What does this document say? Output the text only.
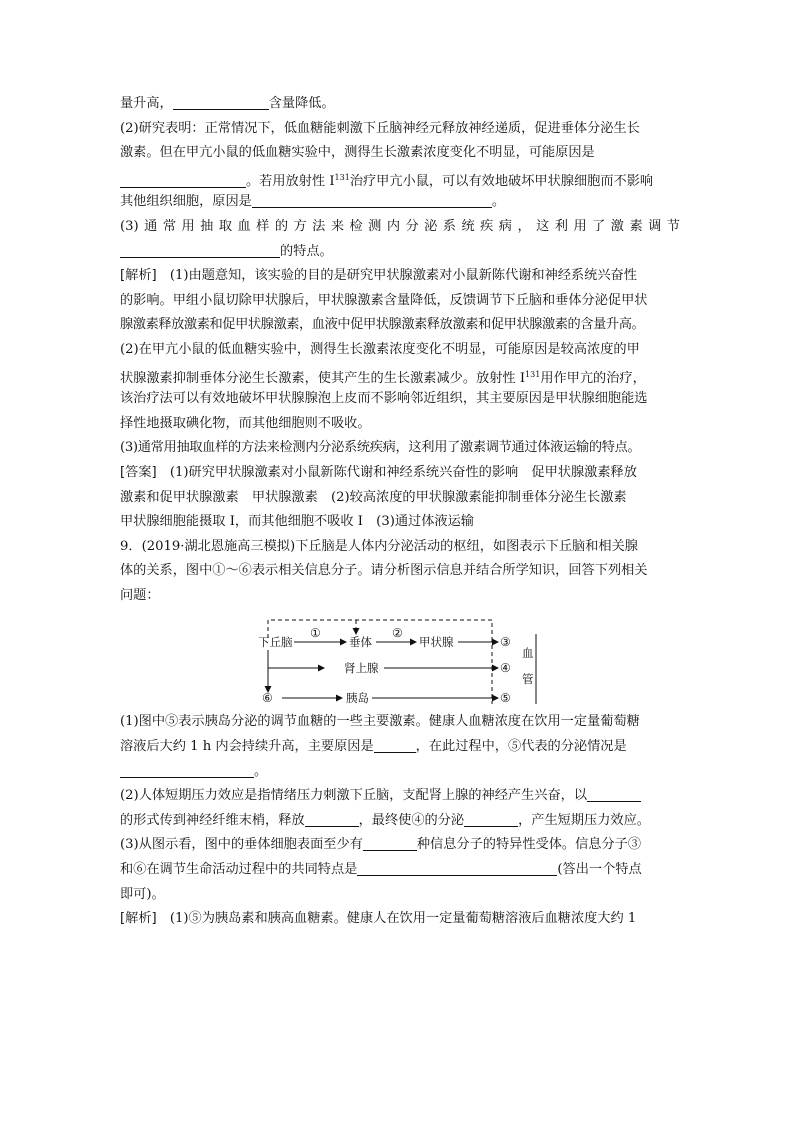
量升高，	含量降低。
(2)研究表明：正常情况下，低血糖能刺激下丘脑神经元释放神经递质，促进垂体分泌生长
激素。但在甲亢小鼠的低血糖实验中，测得生长激素浓度变化不明显，可能原因是
。若用放射性 $I^{131}$治疗甲亢小鼠，可以有效地破坏甲状腺细胞而不影响
其他组织细胞，原因是	。
(3)通常用抽取血样的方法来检测内分泌系统疾病，这利用了激素调节
的特点。
[解析]　 (1)由题意知，该实验的目的是研究甲状腺激素对小鼠新陈代谢和神经系统兴奋性
的影响。甲组小鼠切除甲状腺后，甲状腺激素含量降低，反馈调节下丘脑和垂体分泌促甲状
腺激素释放激素和促甲状腺激素，血液中促甲状腺激素释放激素和促甲状腺激素的含量升高。
(2)在甲亢小鼠的低血糖实验中，测得生长激素浓度变化不明显，可能原因是较高浓度的甲
状腺激素抑制垂体分泌生长激素，使其产生的生长激素减少。放射性 $I^{131}$用作甲亢的治疗，
该治疗法可以有效地破坏甲状腺腺泡上皮而不影响邻近组织，其主要原因是甲状腺细胞能选
择性地摄取碘化物，而其他细胞则不吸收。
(3)通常用抽取血样的方法来检测内分泌系统疾病，这利用了激素调节通过体液运输的特点。
[答案]　 (1)研究甲状腺激素对小鼠新陈代谢和神经系统兴奋性的影响　促甲状腺激素释放
激素和促甲状腺激素　甲状腺激素　(2)较高浓度的甲状腺激素能抑制垂体分泌生长激素
甲状腺细胞能摄取 I，而其他细胞不吸收 I　(3)通过体液运输
9．(2019·湖北恩施高三模拟)下丘脑是人体内分泌活动的枢纽，如图表示下丘脑和相关腺
体的关系，图中①～⑥表示相关信息分子。请分析图示信息并结合所学知识，回答下列相关
问题：
下丘脑
①
垂体
②
甲状腺	③
肾上腺	④
⑥	胰岛	⑤
血
管
(1)图中⑤表示胰岛分泌的调节血糖的一些主要激素。健康人血糖浓度在饮用一定量葡萄糖
溶液后大约 1 h 内会持续升高，主要原因是	，在此过程中，⑤代表的分泌情况是
。
(2)人体短期压力效应是指情绪压力刺激下丘脑，支配肾上腺的神经产生兴奋，以
的形式传到神经纤维末梢，释放	，最终使④的分泌	，产生短期压力效应。
(3)从图示看，图中的垂体细胞表面至少有	种信息分子的特异性受体。信息分子③
和⑥在调节生命活动过程中的共同特点是	(答出一个特点
即可)。
[解析]　 (1)⑤为胰岛素和胰高血糖素。健康人在饮用一定量葡萄糖溶液后血糖浓度大约 1
